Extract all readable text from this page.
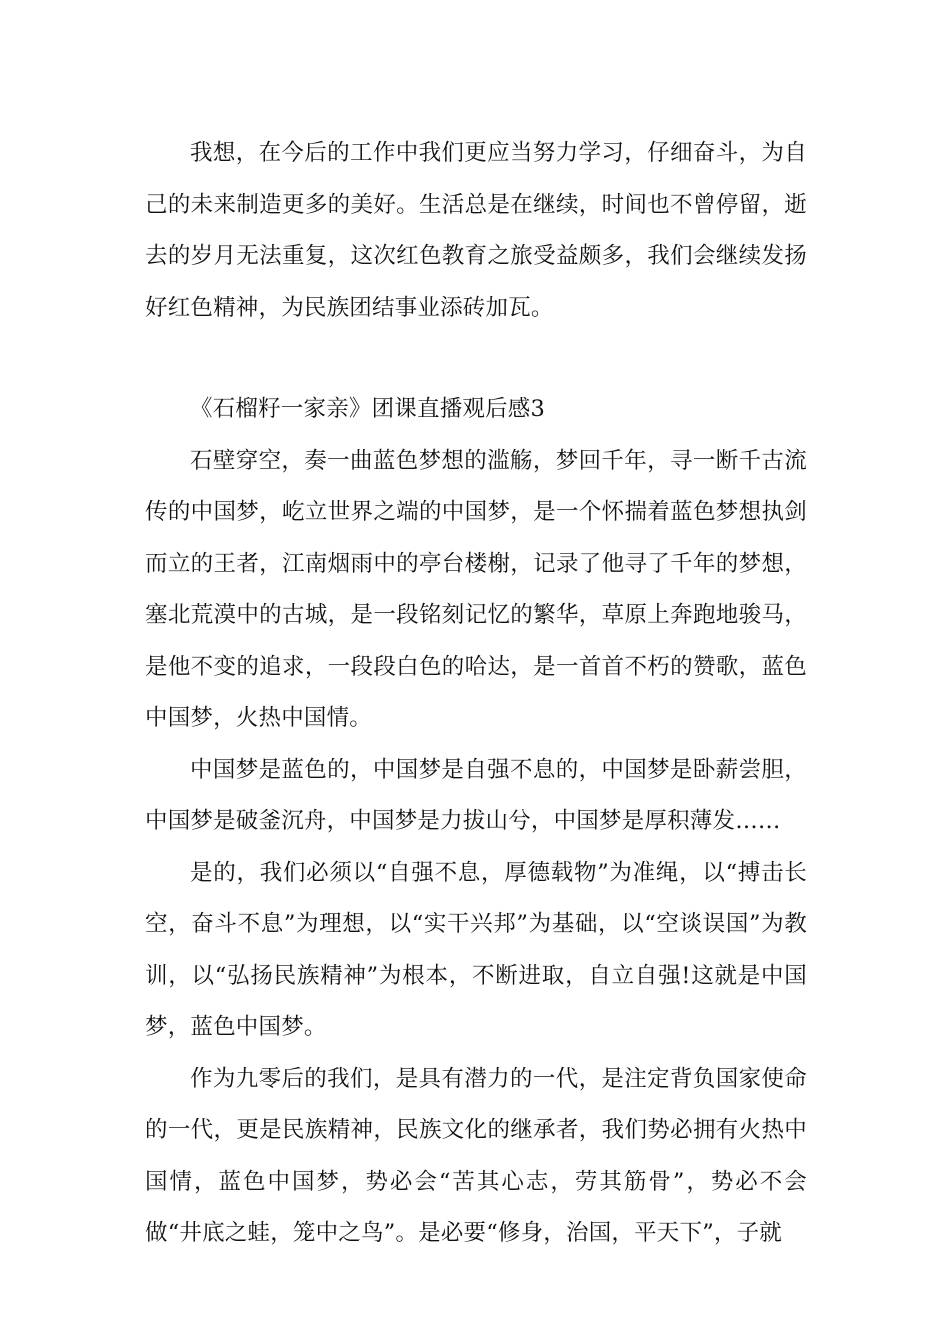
我想，在今后的工作中我们更应当努力学习，仔细奋斗，为自己的未来制造更多的美好。生活总是在继续，时间也不曾停留，逝去的岁月无法重复，这次红色教育之旅受益颇多，我们会继续发扬好红色精神，为民族团结事业添砖加瓦。

《石榴籽一家亲》团课直播观后感3

石壁穿空，奏一曲蓝色梦想的滥觞，梦回千年，寻一断千古流传的中国梦，屹立世界之端的中国梦，是一个怀揣着蓝色梦想执剑而立的王者，江南烟雨中的亭台楼榭，记录了他寻了千年的梦想，塞北荒漠中的古城，是一段铭刻记忆的繁华，草原上奔跑地骏马，是他不变的追求，一段段白色的哈达，是一首首不朽的赞歌，蓝色中国梦，火热中国情。

中国梦是蓝色的，中国梦是自强不息的，中国梦是卧薪尝胆，中国梦是破釜沉舟，中国梦是力拔山兮，中国梦是厚积薄发……

是的，我们必须以“自强不息，厚德载物”为准绳，以“搏击长空，奋斗不息”为理想，以“实干兴邦”为基础，以“空谈误国”为教训，以“弘扬民族精神”为根本，不断进取，自立自强!这就是中国梦，蓝色中国梦。

作为九零后的我们，是具有潜力的一代，是注定背负国家使命的一代，更是民族精神，民族文化的继承者，我们势必拥有火热中国情，蓝色中国梦，势必会“苦其心志，劳其筋骨”，势必不会做“井底之蛙，笼中之鸟”。是必要“修身，治国，平天下”，子就
